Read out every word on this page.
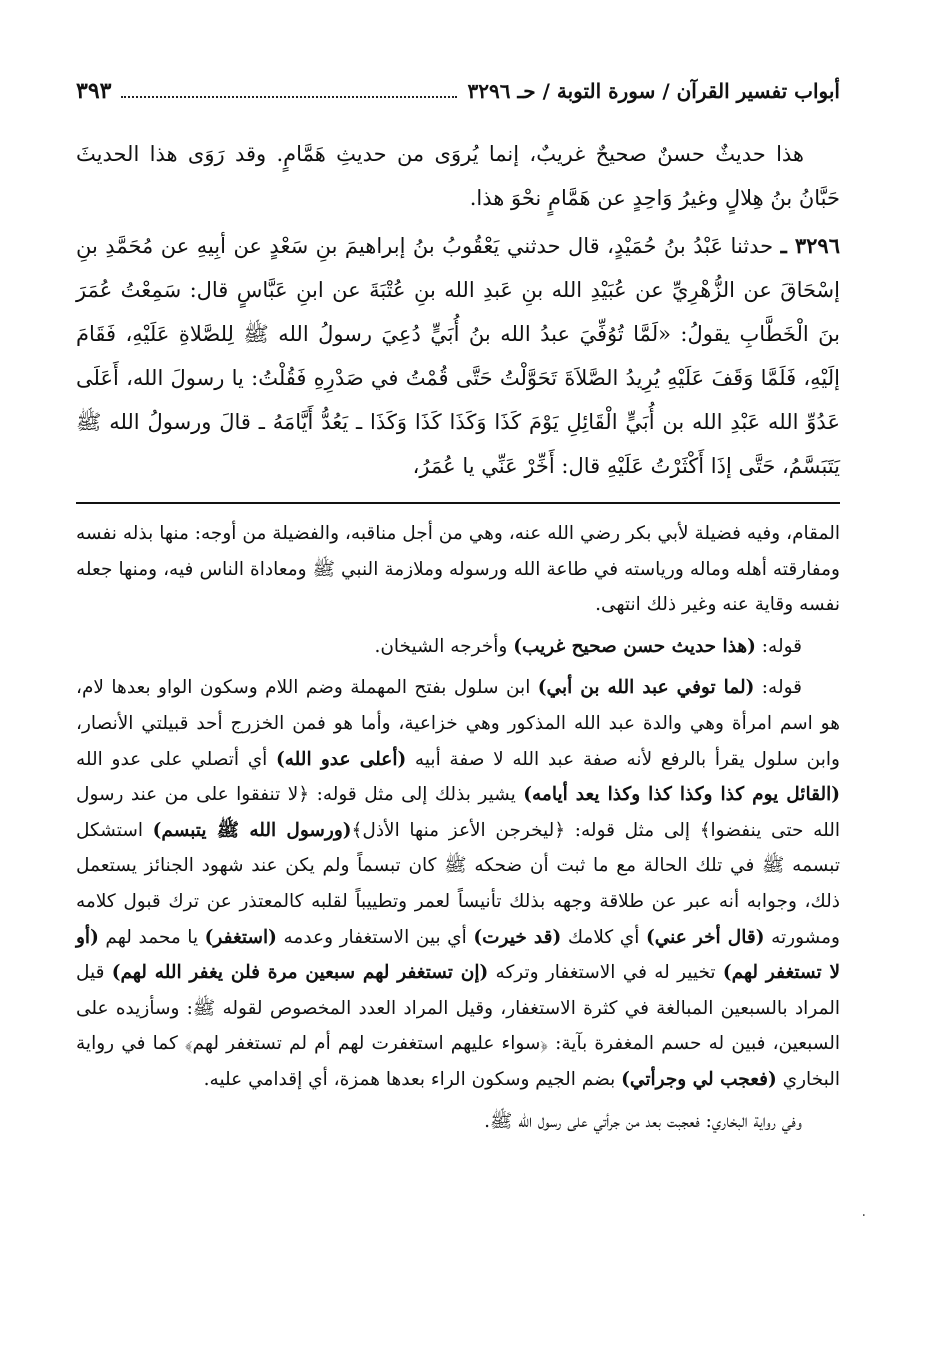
أبواب تفسير القرآن / سورة التوبة / حـ ٣٢٩٦
٣٩٣

هذا حديثٌ حسنٌ صحيحٌ غريبٌ، إنما يُروَى من حديثِ هَمَّامٍ. وقد رَوَى هذا الحديثَ حَبَّانُ بنُ هِلالٍ وغيرُ وَاحِدٍ عن هَمَّامٍ نحْوَ هذا.

٣٢٩٦ ـ حدثنا عَبْدُ بنُ حُمَيْدٍ، قال حدثني يَعْقُوبُ بنُ إبراهيمَ بنِ سَعْدٍ عن أبِيهِ عن مُحَمَّدِ بنِ إسْحَاقَ عن الزُّهْرِيِّ عن عُبَيْدِ الله بنِ عَبدِ الله بنِ عُتْبَةَ عن ابنِ عَبَّاسٍ قال: سَمِعْتُ عُمَرَ بنَ الْخَطَّابِ يقولُ: «لَمَّا تُوُفِّيَ عبدُ الله بنُ أُبَيٍّ دُعِيَ رسولُ الله ﷺ لِلصَّلاةِ عَلَيْهِ، فَقَامَ إلَيْهِ، فَلَمَّا وَقَفَ عَلَيْهِ يُرِيدُ الصَّلاَةَ تَحَوَّلْتُ حَتَّى قُمْتُ في صَدْرِهِ فَقُلْتُ: يا رسولَ الله، أَعَلَى عَدُوِّ الله عَبْدِ الله بن أُبَيٍّ الْقَائِلِ يَوْمَ كَذَا وَكَذَا كَذَا وَكَذَا ـ يَعُدُّ أَيَّامَهُ ـ قالَ ورسولُ الله ﷺ يَتَبَسَّمُ، حَتَّى إذَا أَكْثَرْتُ عَلَيْهِ قال: أَخِّرْ عَنِّي يا عُمَرُ،

المقام، وفيه فضيلة لأبي بكر رضي الله عنه، وهي من أجل مناقبه، والفضيلة من أوجه: منها بذله نفسه ومفارقته أهله وماله ورياسته في طاعة الله ورسوله وملازمة النبي ﷺ ومعاداة الناس فيه، ومنها جعله نفسه وقاية عنه وغير ذلك انتهى.

قوله: (هذا حديث حسن صحيح غريب) وأخرجه الشيخان.

قوله: (لما توفي عبد الله بن أبي) ابن سلول بفتح المهملة وضم اللام وسكون الواو بعدها لام، هو اسم امرأة وهي والدة عبد الله المذكور وهي خزاعية، وأما هو فمن الخزرج أحد قبيلتي الأنصار، وابن سلول يقرأ بالرفع لأنه صفة عبد الله لا صفة أبيه (أعلى عدو الله) أي أتصلي على عدو الله (القائل يوم كذا وكذا كذا وكذا يعد أيامه) يشير بذلك إلى مثل قوله: ﴿لا تنفقوا على من عند رسول الله حتى ينفضوا﴾ إلى مثل قوله: ﴿ليخرجن الأعز منها الأذل﴾(ورسول الله ﷺ يتبسم) استشكل تبسمه ﷺ في تلك الحالة مع ما ثبت أن ضحكه ﷺ كان تبسماً ولم يكن عند شهود الجنائز يستعمل ذلك، وجوابه أنه عبر عن طلاقة وجهه بذلك تأنيساً لعمر وتطييباً لقلبه كالمعتذر عن ترك قبول كلامه ومشورته (قال أخر عني) أي كلامك (قد خيرت) أي بين الاستغفار وعدمه (استغفر) يا محمد لهم (أو لا تستغفر لهم) تخيير له في الاستغفار وتركه (إن تستغفر لهم سبعين مرة فلن يغفر الله لهم) قيل المراد بالسبعين المبالغة في كثرة الاستغفار، وقيل المراد العدد المخصوص لقوله ﷺ: وسأزيده على السبعين، فبين له حسم المغفرة بآية: ﴿سواء عليهم استغفرت لهم أم لم تستغفر لهم﴾ كما في رواية البخاري (فعجب لي وجرأتي) بضم الجيم وسكون الراء بعدها همزة، أي إقدامي عليه.

وفي رواية البخاري: فعجبت بعد من جرأتي على رسول الله ﷺ.

٠
